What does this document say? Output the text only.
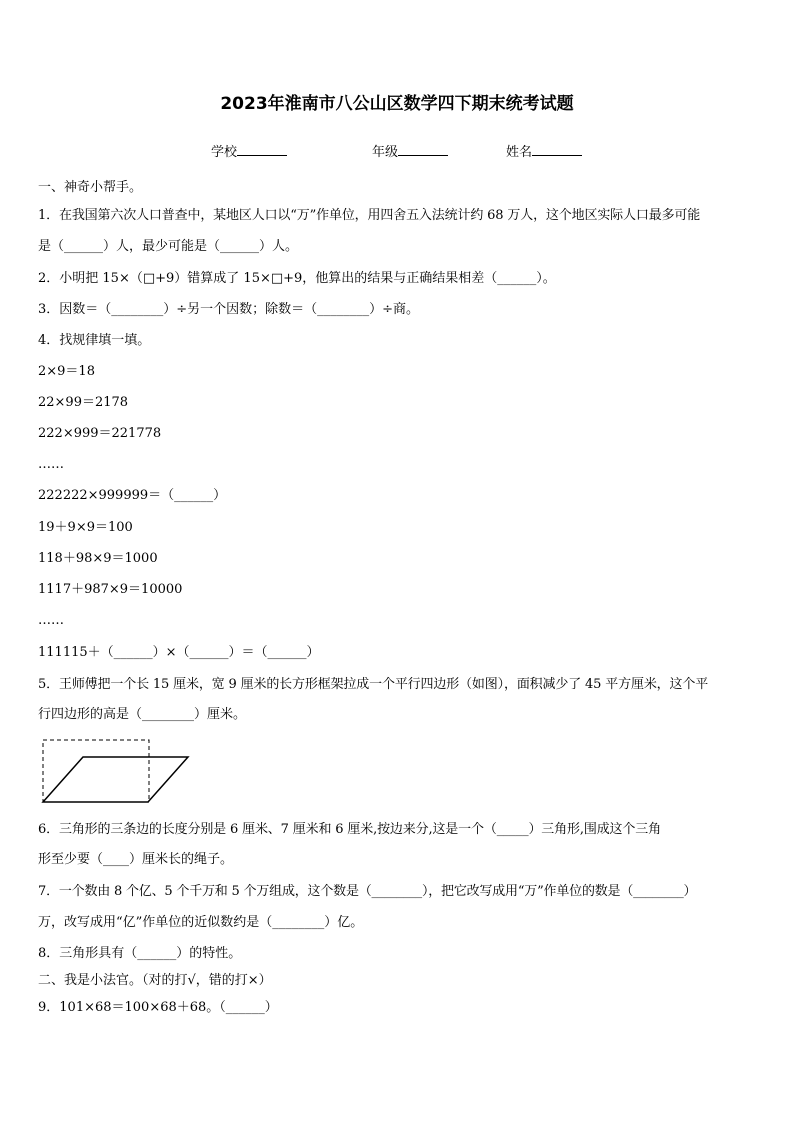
2023年淮南市八公山区数学四下期末统考试题
学校	年级	姓名
一、神奇小帮手。
1．在我国第六次人口普查中，某地区人口以“万”作单位，用四舍五入法统计约 68 万人，这个地区实际人口最多可能
是（______）人，最少可能是（______）人。
2．小明把 15×（□+9）错算成了 15×□+9，他算出的结果与正确结果相差（______）。
3．因数＝（________）÷另一个因数；除数＝（________）÷商。
4．找规律填一填。
2×9＝18
22×99＝2178
222×999＝221778
……
222222×999999＝（______）
19＋9×9＝100
118＋98×9＝1000
1117＋987×9＝10000
……
111115＋（______）×（______）＝（______）
5．王师傅把一个长 15 厘米，宽 9 厘米的长方形框架拉成一个平行四边形（如图），面积减少了 45 平方厘米，这个平
行四边形的高是（________）厘米。
6．三角形的三条边的长度分别是 6 厘米、7 厘米和 6 厘米,按边来分,这是一个（_____）三角形,围成这个三角
形至少要（____）厘米长的绳子。
7．一个数由 8 个亿、5 个千万和 5 个万组成，这个数是（________），把它改写成用“万”作单位的数是（________）
万，改写成用“亿”作单位的近似数约是（________）亿。
8．三角形具有（______）的特性。
二、我是小法官。（对的打√，错的打×）
9．101×68＝100×68＋68。（______）
